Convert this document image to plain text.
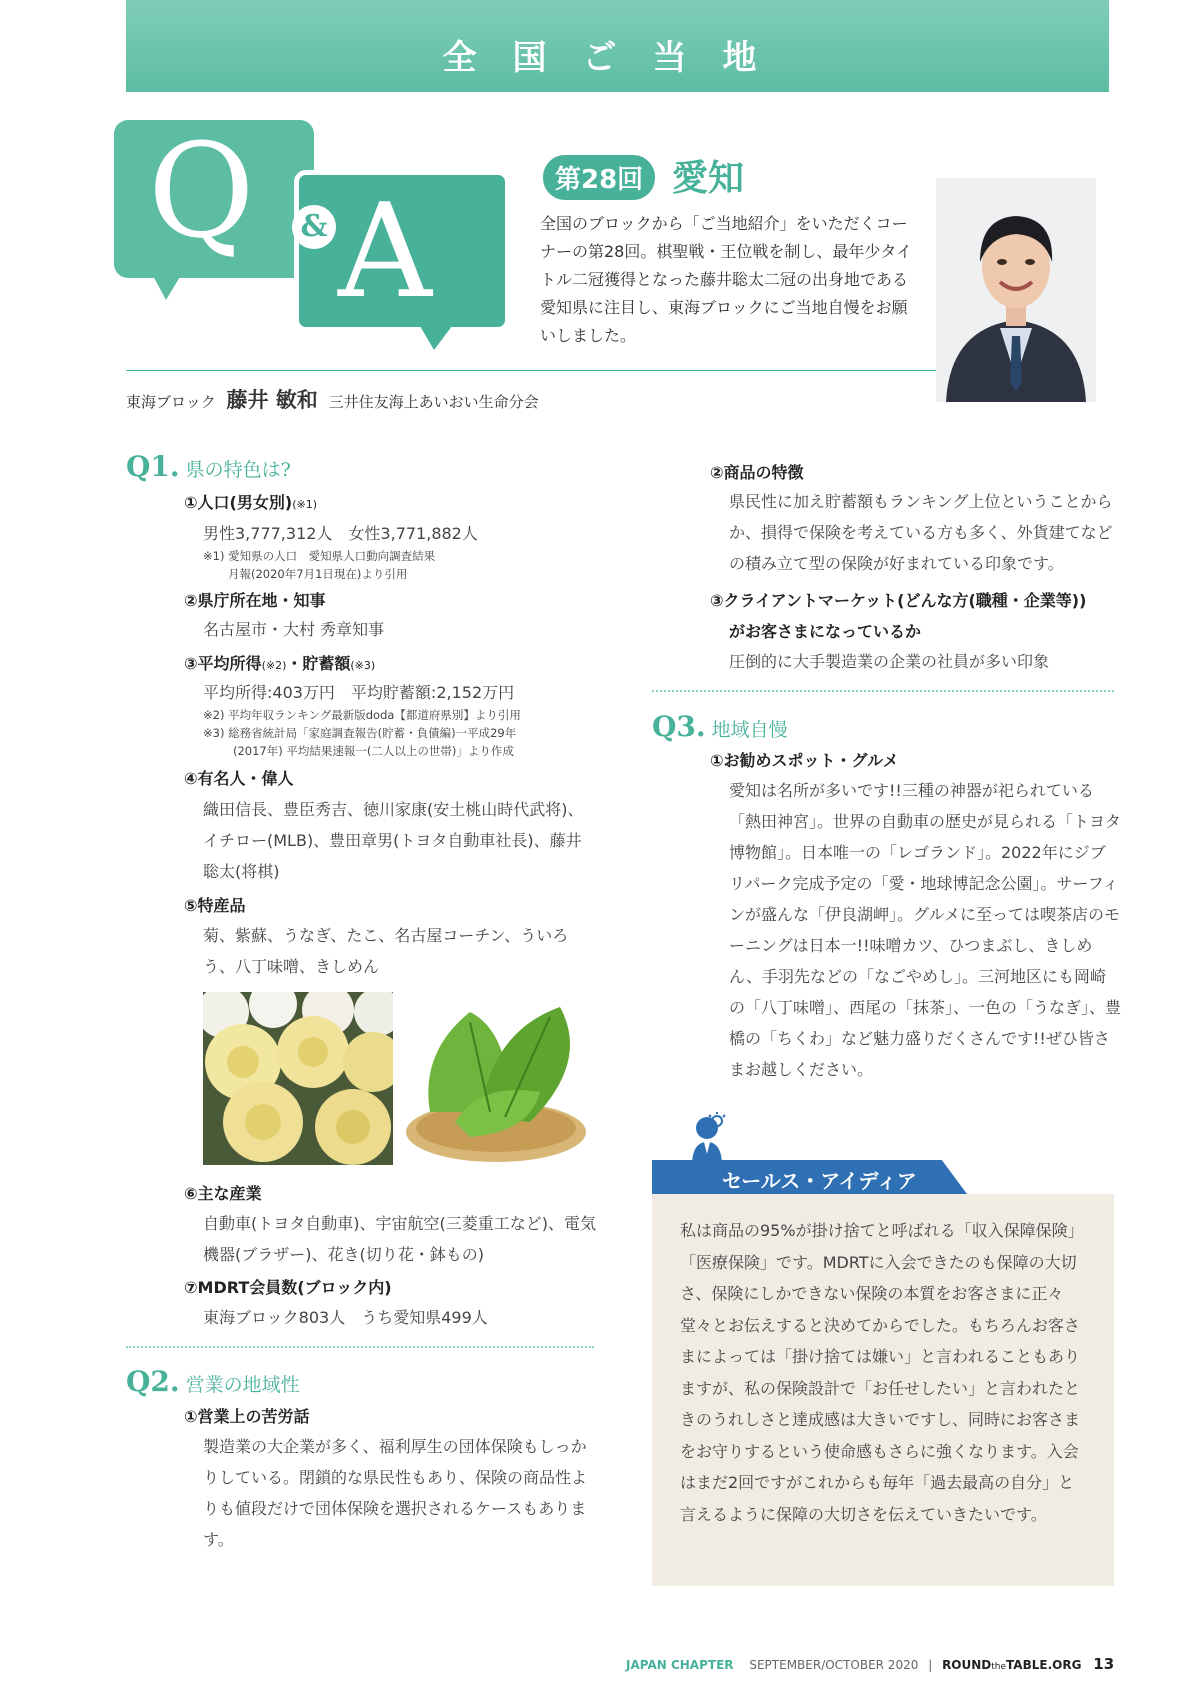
全国ご当地
Q A
&
第28回 愛知
全国のブロックから「ご当地紹介」をいただくコーナーの第28回。棋聖戦・王位戦を制し、最年少タイトル二冠獲得となった藤井聡太二冠の出身地である愛知県に注目し、東海ブロックにご当地自慢をお願いしました。
東海ブロック 藤井 敏和 三井住友海上あいおい生命分会
Q1. 県の特色は?
①人口(男女別)(※1)
男性3,777,312人　女性3,771,882人
※1) 愛知県の人口　愛知県人口動向調査結果
月報(2020年7月1日現在)より引用
②県庁所在地・知事
名古屋市・大村 秀章知事
③平均所得(※2)・貯蓄額(※3)
平均所得:403万円　平均貯蓄額:2,152万円
※2) 平均年収ランキング最新版doda【都道府県別】より引用
※3) 総務省統計局「家庭調査報告(貯蓄・負債編)一平成29年
(2017年) 平均結果速報一(二人以上の世帯)」より作成
④有名人・偉人
織田信長、豊臣秀吉、徳川家康(安土桃山時代武将)、イチロー(MLB)、豊田章男(トヨタ自動車社長)、藤井聡太(将棋)
⑤特産品
菊、紫蘇、うなぎ、たこ、名古屋コーチン、ういろう、八丁味噌、きしめん
⑥主な産業
自動車(トヨタ自動車)、宇宙航空(三菱重工など)、電気機器(ブラザー)、花き(切り花・鉢もの)
⑦MDRT会員数(ブロック内)
東海ブロック803人　うち愛知県499人
Q2. 営業の地域性
①営業上の苦労話
製造業の大企業が多く、福利厚生の団体保険もしっかりしている。閉鎖的な県民性もあり、保険の商品性よりも値段だけで団体保険を選択されるケースもあります。
②商品の特徴
県民性に加え貯蓄額もランキング上位ということからか、損得で保険を考えている方も多く、外貨建てなどの積み立て型の保険が好まれている印象です。
③クライアントマーケット(どんな方(職種・企業等))
がお客さまになっているか
圧倒的に大手製造業の企業の社員が多い印象
Q3. 地域自慢
①お勧めスポット・グルメ
愛知は名所が多いです!!三種の神器が祀られている「熱田神宮」。世界の自動車の歴史が見られる「トヨタ博物館」。日本唯一の「レゴランド」。2022年にジブリパーク完成予定の「愛・地球博記念公園」。サーフィンが盛んな「伊良湖岬」。グルメに至っては喫茶店のモーニングは日本一!!味噌カツ、ひつまぶし、きしめん、手羽先などの「なごやめし」。三河地区にも岡崎の「八丁味噌」、西尾の「抹茶」、一色の「うなぎ」、豊橋の「ちくわ」など魅力盛りだくさんです!!ぜひ皆さまお越しください。
セールス・アイディア
私は商品の95%が掛け捨てと呼ばれる「収入保障保険」「医療保険」です。MDRTに入会できたのも保障の大切さ、保険にしかできない保険の本質をお客さまに正々堂々とお伝えすると決めてからでした。もちろんお客さまによっては「掛け捨ては嫌い」と言われることもありますが、私の保険設計で「お任せしたい」と言われたときのうれしさと達成感は大きいですし、同時にお客さまをお守りするという使命感もさらに強くなります。入会はまだ2回ですがこれからも毎年「過去最高の自分」と言えるように保障の大切さを伝えていきたいです。
JAPAN CHAPTER SEPTEMBER/OCTOBER 2020 | ROUNDtheTABLE.ORG 13
